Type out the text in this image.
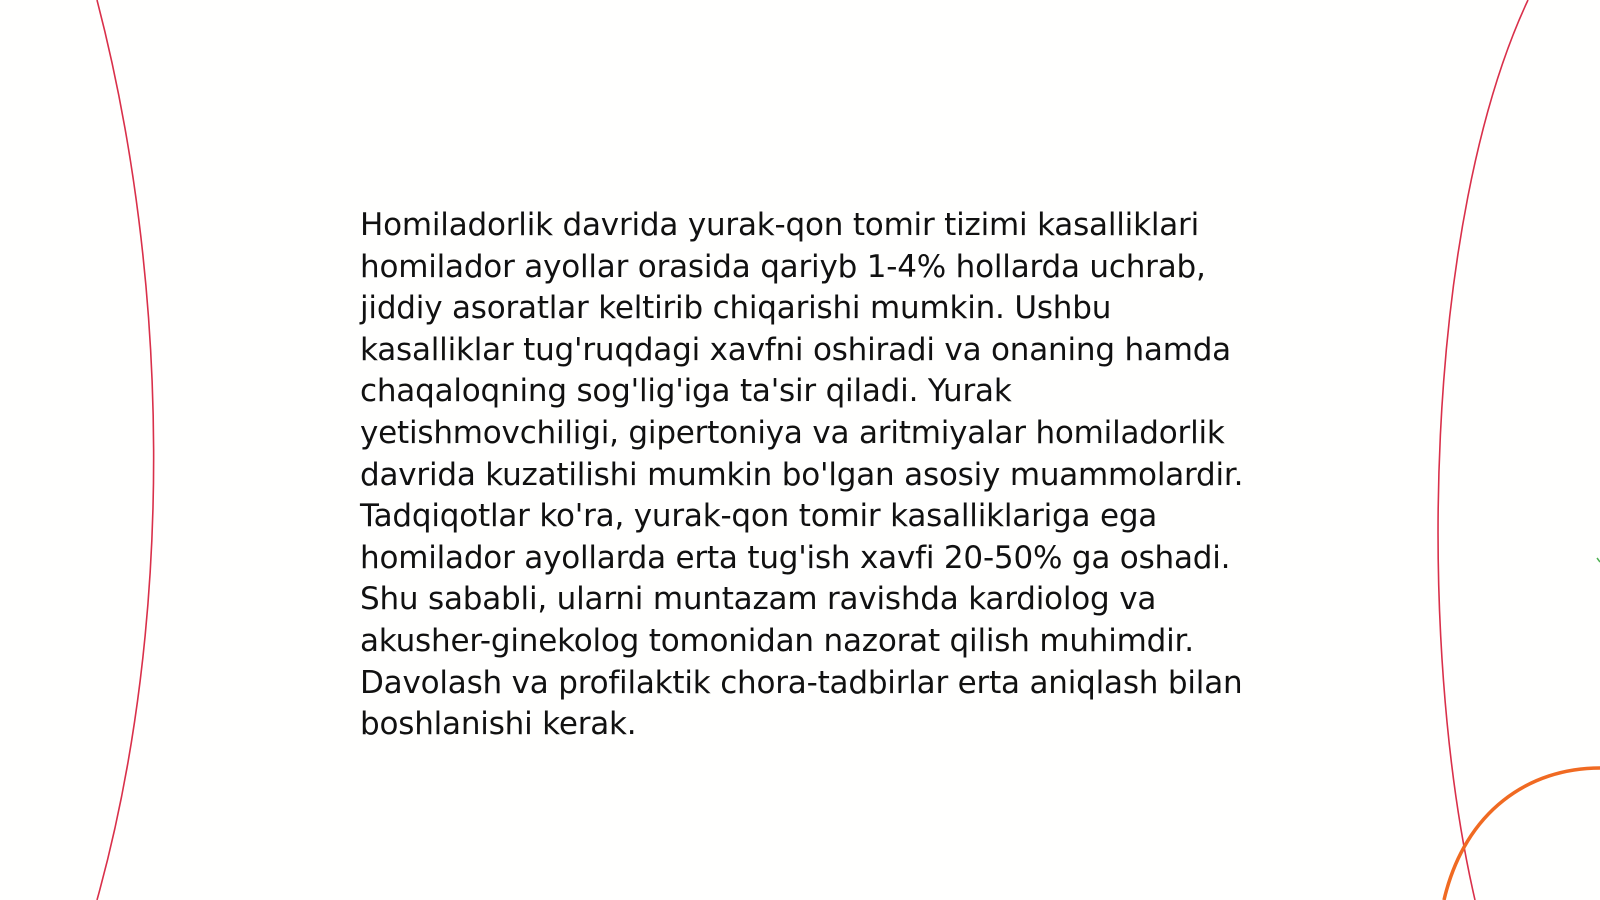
Homiladorlik davrida yurak-qon tomir tizimi kasalliklari homilador ayollar orasida qariyb 1-4% hollarda uchrab, jiddiy asoratlar keltirib chiqarishi mumkin. Ushbu kasalliklar tug'ruqdagi xavfni oshiradi va onaning hamda chaqaloqning sog'lig'iga ta'sir qiladi. Yurak yetishmovchiligi, gipertoniya va aritmiyalar homiladorlik davrida kuzatilishi mumkin bo'lgan asosiy muammolardir. Tadqiqotlar ko'ra, yurak-qon tomir kasalliklariga ega homilador ayollarda erta tug'ish xavfi 20-50% ga oshadi. Shu sababli, ularni muntazam ravishda kardiolog va akusher-ginekolog tomonidan nazorat qilish muhimdir. Davolash va profilaktik chora-tadbirlar erta aniqlash bilan boshlanishi kerak.
